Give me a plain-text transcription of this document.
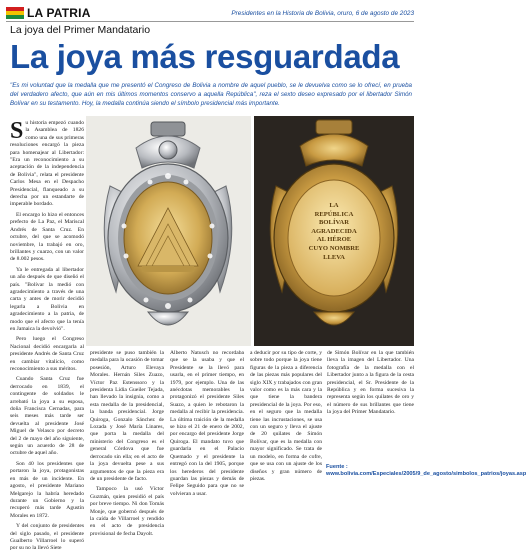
LA PATRIA	Presidentes en la Historia de Bolivia, oruro, 6 de agosto de 2023
La joya del Primer Mandatario
La joya más resguardada
"Es mi voluntad que la medalla que me presentó el Congreso de Bolivia a nombre de aquel pueblo, se le devuelva como se lo ofrecí, en prueba del verdadero afecto, que aún en mis últimos momentos conservo a aquella República", reza el sexto deseo expresado por el libertador Simón Bolívar en su testamento. Hoy, la medalla continúa siendo el símbolo presidencial más importante.

Su historia empezó cuando la Asamblea de 1826 como una de sus primeras resoluciones encargó la pieza para homenajear al Libertador: "Era un reconocimiento a su aceptación de la independencia de Bolivia", relata el presidente Carlos Mesa en el Despacho Presidencial, flanqueado a su derecha por un estandarte de imperable bordado.

El encargo lo hizo el entonces prefecto de La Paz, el Mariscal Andrés de Santa Cruz. En octubre, del que se acomodó noviembre, la trabajó en oro, brillantes y cuarzo, con un valor de 8.002 pesos.

Ya le entregada al libertador un año después de que diseñó el país. "Bolívar la medió con agradecimiento a través de una carta y antes de morir decidió legarla a Bolivia en agradecimiento a la patria, de modo que el afecto que la tenía en Jamaica la devolvió".

Pero luego el Congreso Nacional decidió encargarla al presidente Andrés de Santa Cruz en cambiar vitalicio, como reconocimiento a sus méritos.

Cuando Santa Cruz fue derrocado en 1839, el contingente de soldados le arrebató la joya a su esposa, doña Francisca Cernadas, para seis meses más tarde ser devuelta al presidente José Miguel de Velasco por decreto del 2 de mayo del año siguiente, según un acuerdo de 28 de octubre de aquel año.

Son 40 los presidentes que portaron la joya, protagonistas en más de un incidente. En agosto, el presidente Mariano Melgarejo la habría heredado durante un Gobierno y la recuperó más tarde Agustín Morales en 1872.

Y del conjunto de presidentes del siglo pasado, el presidente Gualberto Villarroel lo superó por su no la llevó Siete

LA
REPÚBLICA
BOLÍVAR
AGRADECIDA
AL HÉROE
CUYO NOMBRE
LLEVA

presidente se puso también la medalla para la ocasión de tomar posesión, Arturo Elevaya Morales. Hernán Siles Zuazo, Víctor Paz Estenssoro y la presidenta Lidia Gueiler Tejada, han llevado la insignia, como a esta medalla de la presidencial, la banda presidencial. Jorge Quiroga, Gonzalo Sánchez de Lozada y José María Linares, que porta la medalla del ministerio del Congreso es el general Córdova que fue derrocado sin ella; en el acto de la joya devuelta pese a sus argumentos de que la pieza era de un presidente de facto.

Tampoco la usó Víctor Guzmán, quien presidió el país por breve tiempo. Ni don Tomás Monje, que gobernó después de la caída de Villarroel y rendido en el acto de presidencia provisional de fecha Dayolt.

Alberto Natusch no recordaba que se la usaba y que el Presidente se la llevó para usarla, en el primer tiempo, en 1979, por ejemplo. Una de las anécdotas memorables la protagonizó el presidente Siles Suazo, a quien le rebotaron la medalla al recibir la presidencia. La última traición de la medalla se hizo el 21 de enero de 2002, por encargo del presidente Jorge Quiroga. El mandato tuvo que guardarla en el Palacio Quemado y el presidente la entregó con la del 1905, porque los herederos del presidente guardan las piezas y demás de Felipe Seguido para que no se volvieran a usar.

a deducir por su tipo de corte, y sobre todo porque la joya tiene figuras de la pieza a diferencia de las piezas más populares del siglo XIX y trabajados con gran valor como es la más cara y la que tiene la bandera presidencial de la joya. Por eso, en el seguro que la medalla tiene las incrustaciones, se usa con un seguro y lleva el ajuste de 20 quilates de Simón Bolívar, que es la medalla con mayor significado. Se trata de un modelo, en forma de cofre, que se usa con un ajuste de los diseños y gran número de piezas.

de Simón Bolívar en la que también lleva la imagen del Libertador. Una fotografía de la medalla con el Libertador junto a la figura de la cesta presidencial, el Sr. Presidente de la República y en forma sucesiva la representa según los quilates de oro y el número de sus brillantes que tiene la joya del Primer Mandatario.

Fuente : www.bolivia.com/Especiales/2005/9_de_agosto/simbolos_patrios/joyas.asp
